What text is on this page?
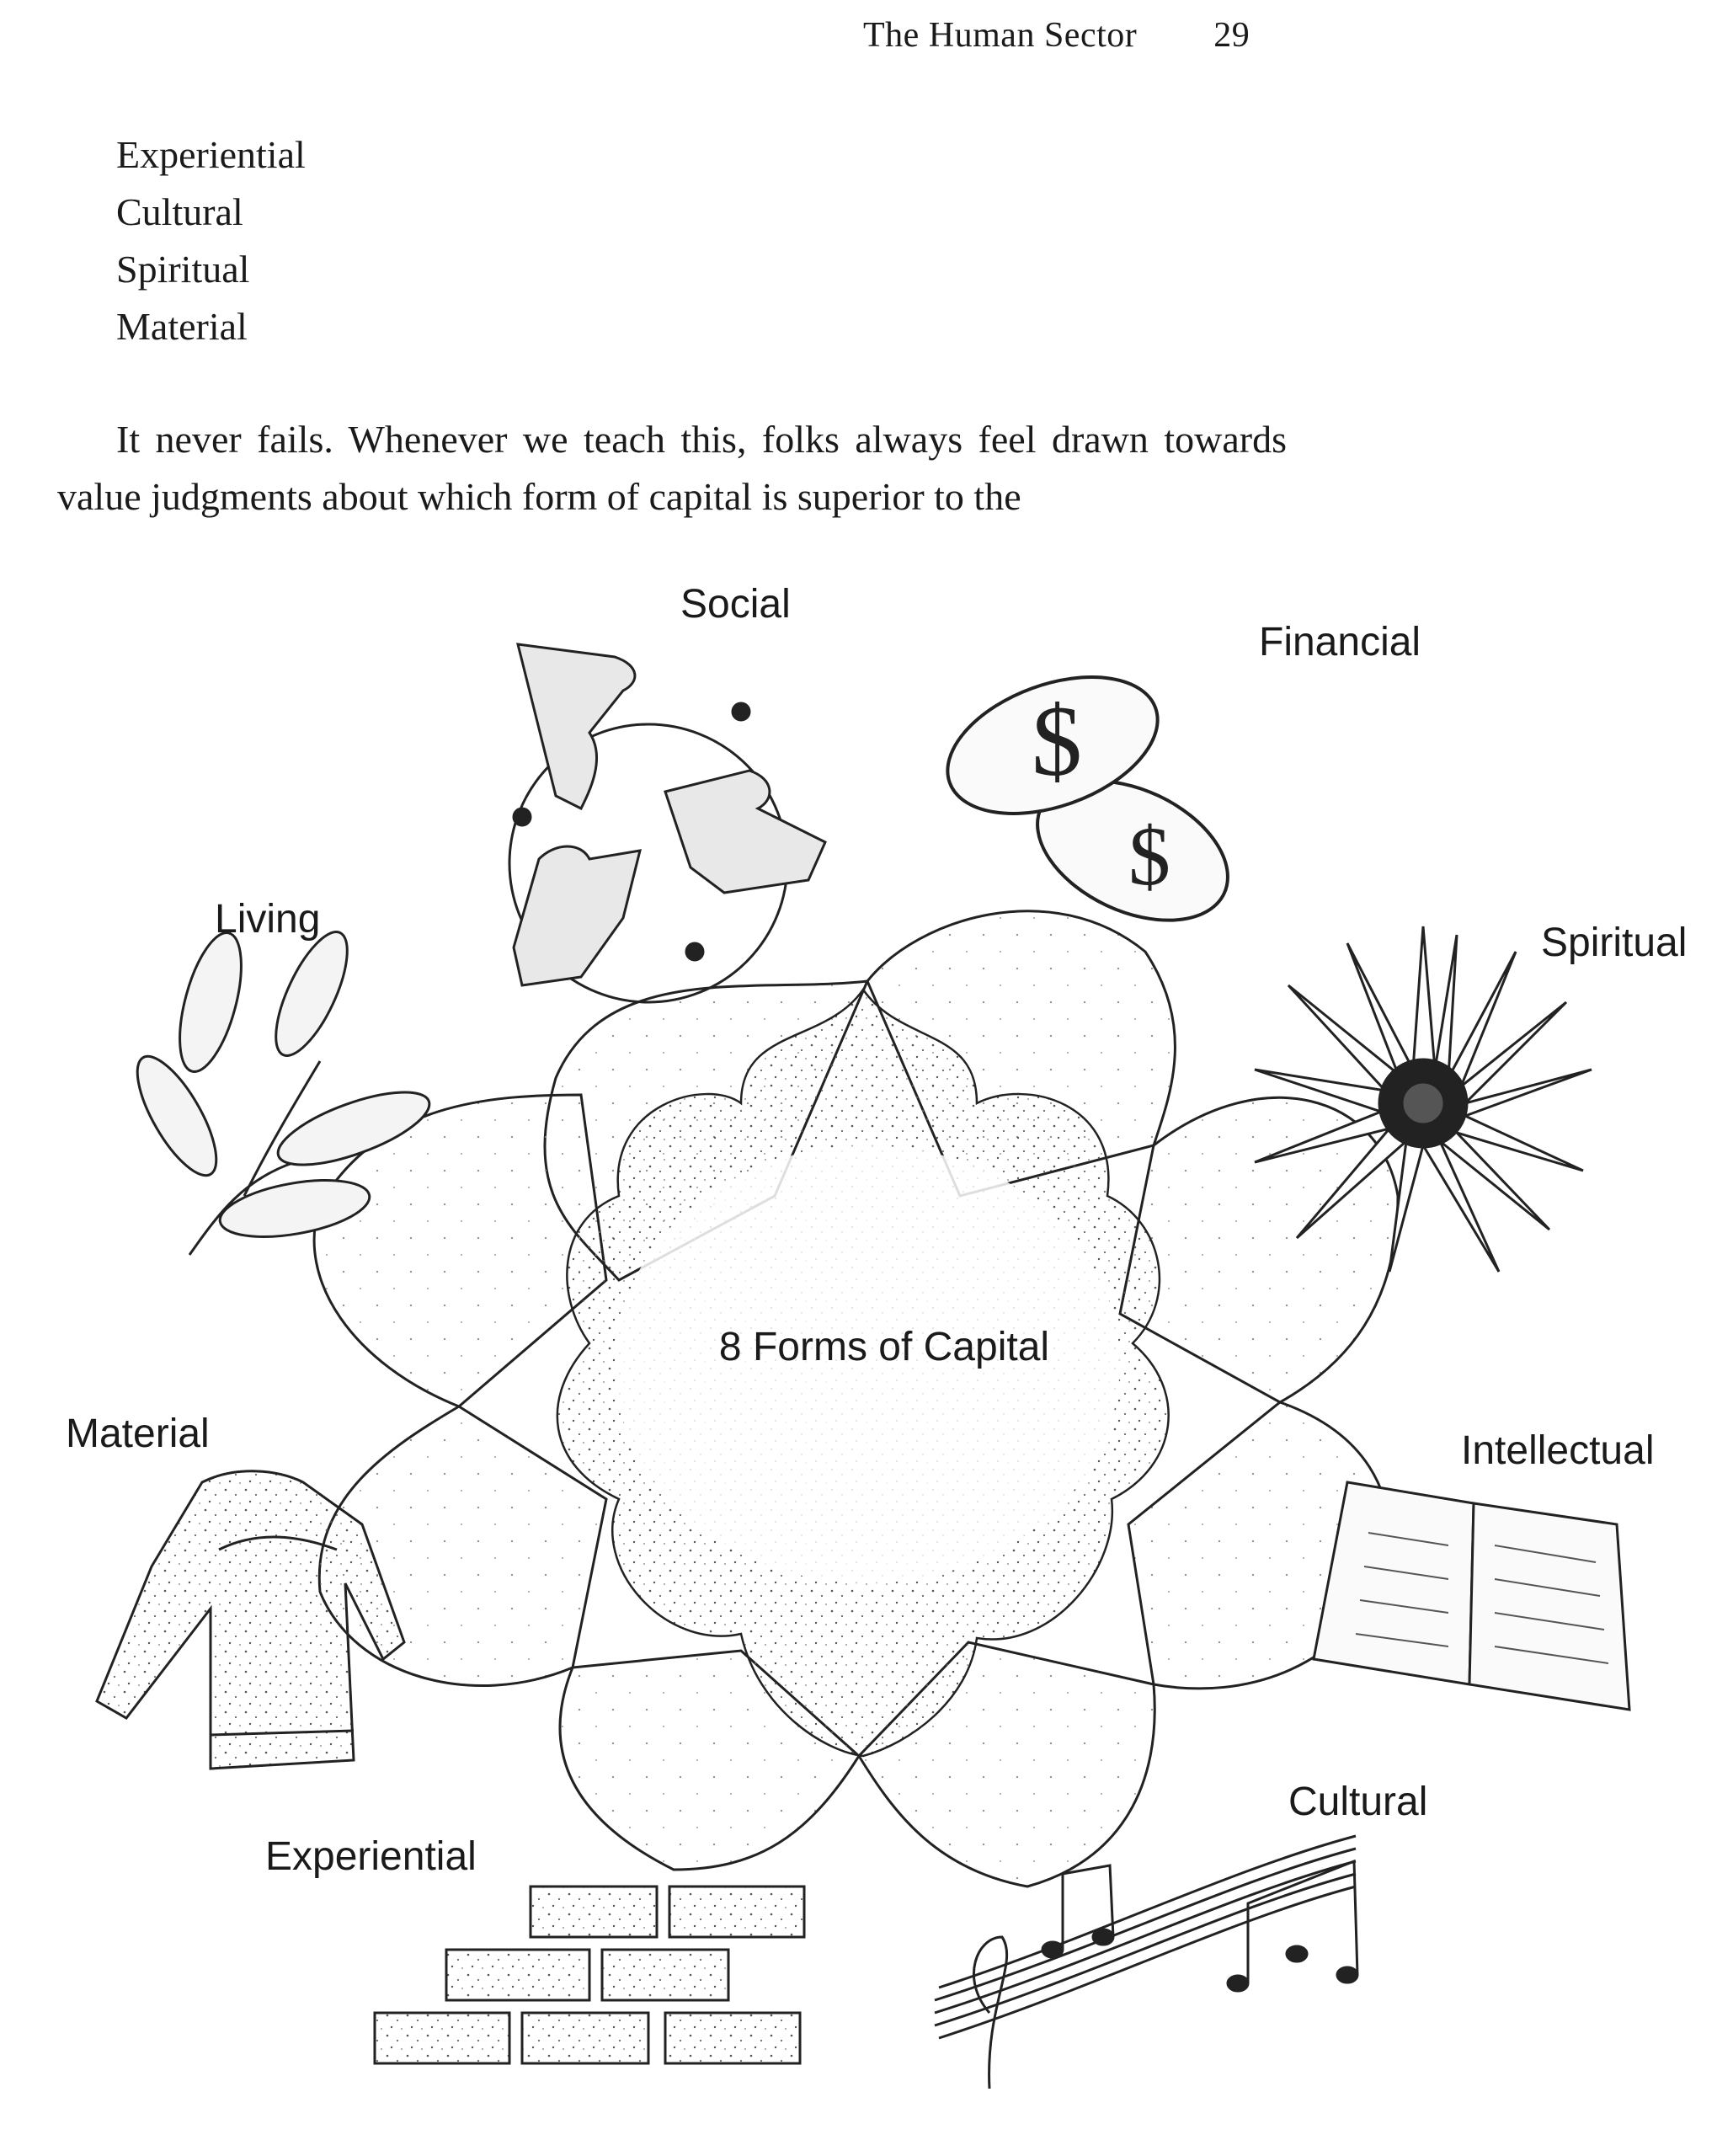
The Human Sector 29
Experiential
Cultural
Spiritual
Material
It never fails. Whenever we teach this, folks always feel drawn towards value judgments about which form of capital is superior to the
8 Forms of Capital
Social
$
$
Financial
Spiritual
Living
Material	Intellectual
Cultural
Experiential
